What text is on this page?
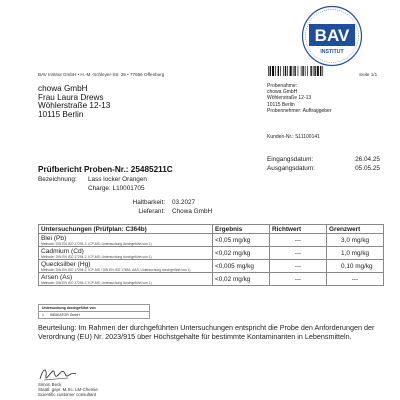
BAV
INSTITUT
BAV Institut GmbH • H.-M.-Schleyer-Str. 25 • 77656 Offenburg	Seite 1/1
chowa GmbH
Frau Laura Drews
Wöhlerstraße 12-13
10115 Berlin
Probenahme:
chowa GmbH
Wöhlerstraße 12-13
10115 Berlin
Probennehmer: Auftraggeber
Kunden-Nr.: S11100141
Eingangsdatum:	26.04.25
Ausgangsdatum:	05.05.25
Prüfbericht Proben-Nr.: 25485211C
Bezeichnung:	Lass locker Orangen
Charge: L10001705
Haltbarkeit:	03.2027
Lieferant:	Chowa GmbH
Untersuchungen (Prüfplan: C364b)	Ergebnis	Richtwert	Grenzwert

Blei (Pb)
Methode: DIN EN ISO 17294-2, ICP-MS; Untersuchung durchgeführt von 1)	<0,05 mg/kg	---	3,0 mg/kg

Cadmium (Cd)
Methode: DIN EN ISO 17294-2, ICP-MS; Untersuchung durchgeführt von 1)	<0,02 mg/kg	---	1,0 mg/kg

Quecksilber (Hg)
Methode: DIN EN ISO 17294-2, ICP-MS / DIN EN ISO 17852, AAS; Untersuchung durchgeführt von 1)	<0,005 mg/kg	---	0,10 mg/kg

Arsen (As)
Methode: DIN EN ISO 17294-2, ICP-MS; Untersuchung durchgeführt von 1)	<0,02 mg/kg	---	---
Untersuchung durchgeführt von
1	INDIKATOR GmbH
Beurteilung: Im Rahmen der durchgeführten Untersuchungen entspricht die Probe den Anforderungen der Verordnung (EU) Nr. 2023/915 über Höchstgehalte für bestimmte Kontaminanten in Lebensmitteln.
Simon Beck
Staatl. gepr. M.Sc. LM-Chemie
Scientific customer consultant
